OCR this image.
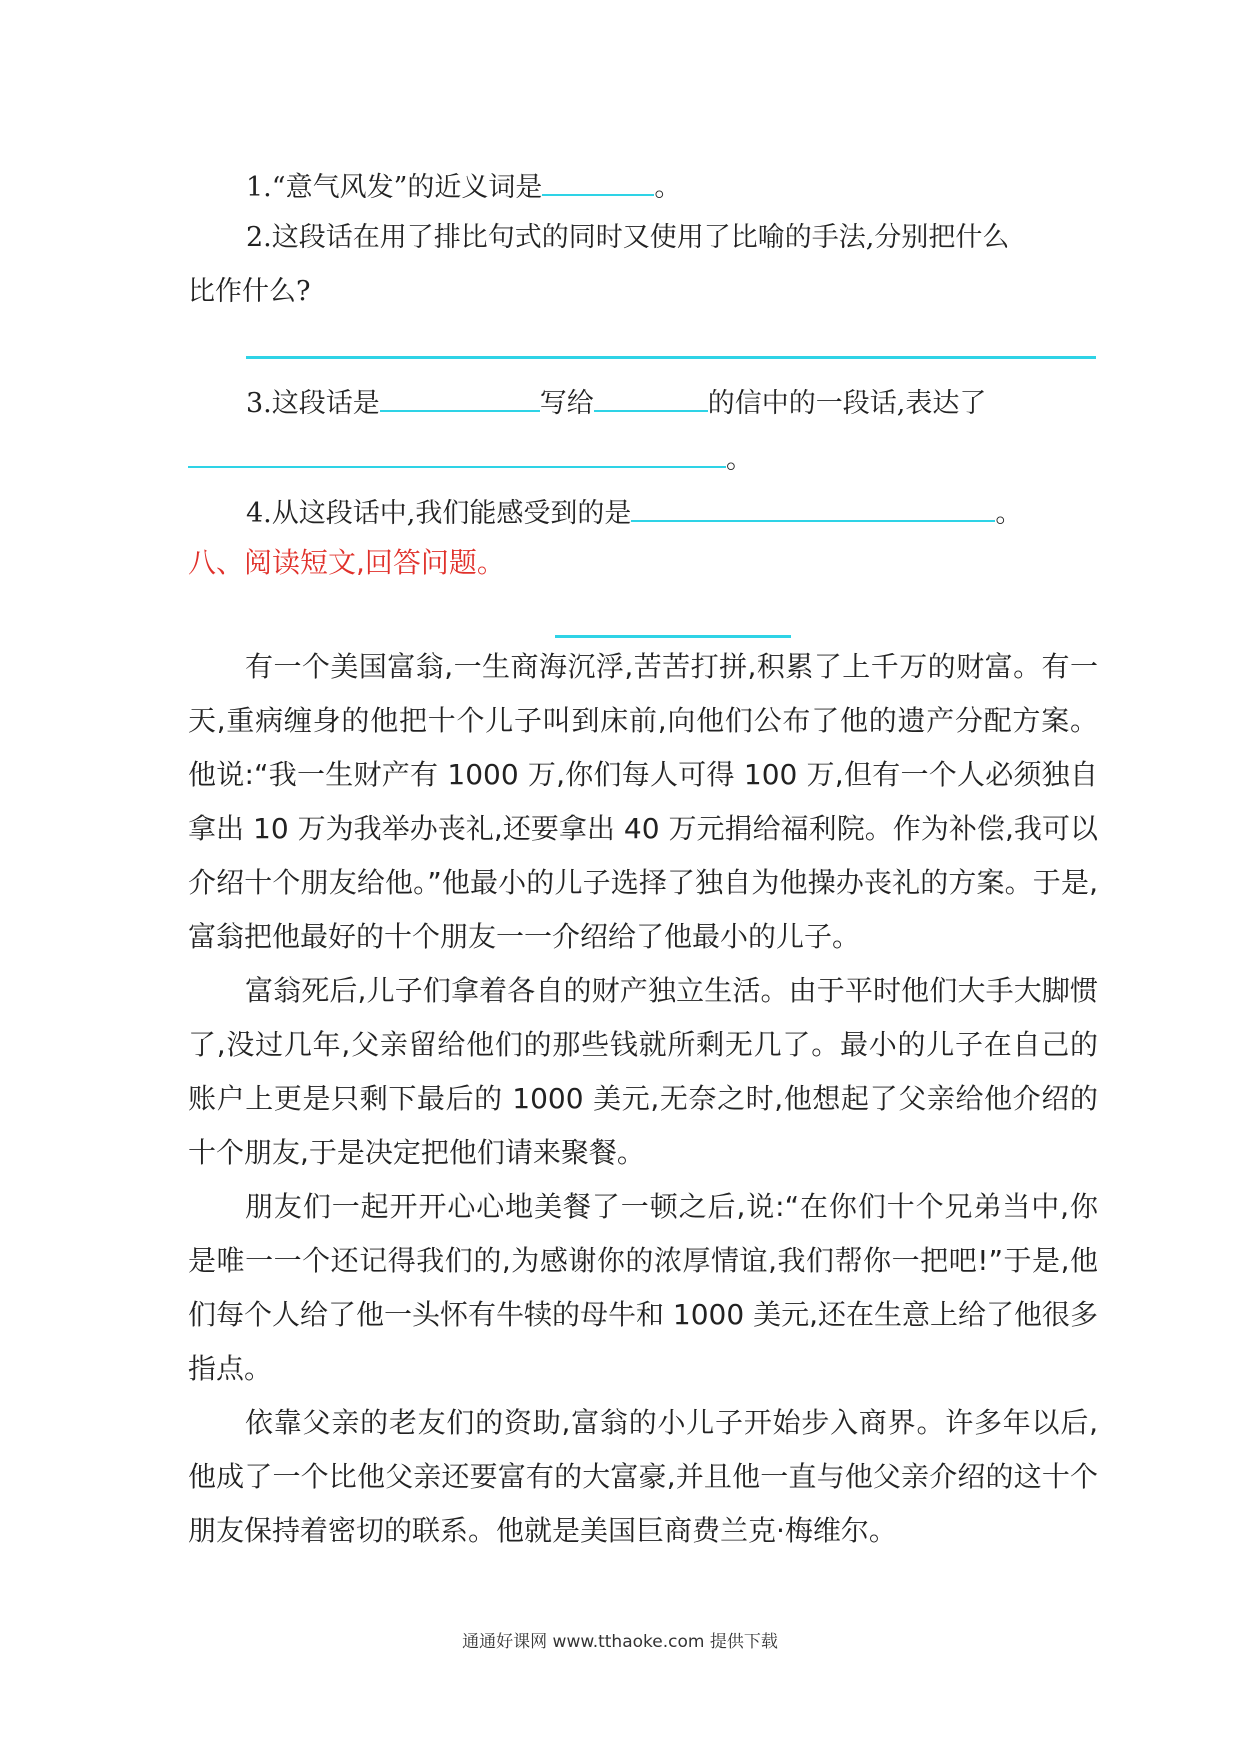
1.“意气风发”的近义词是	。

2.这段话在用了排比句式的同时又使用了比喻的手法,分别把什么

比作什么?

3.这段话是	写给	的信中的一段话,表达了

。

4.从这段话中,我们能感受到的是	。

八、阅读短文,回答问题。

有一个美国富翁,一生商海沉浮,苦苦打拼,积累了上千万的财富。有一天,重病缠身的他把十个儿子叫到床前,向他们公布了他的遗产分配方案。他说:“我一生财产有 1000 万,你们每人可得 100 万,但有一个人必须独自拿出 10 万为我举办丧礼,还要拿出 40 万元捐给福利院。作为补偿,我可以介绍十个朋友给他。”他最小的儿子选择了独自为他操办丧礼的方案。于是,富翁把他最好的十个朋友一一介绍给了他最小的儿子。

富翁死后,儿子们拿着各自的财产独立生活。由于平时他们大手大脚惯了,没过几年,父亲留给他们的那些钱就所剩无几了。最小的儿子在自己的账户上更是只剩下最后的 1000 美元,无奈之时,他想起了父亲给他介绍的十个朋友,于是决定把他们请来聚餐。

朋友们一起开开心心地美餐了一顿之后,说:“在你们十个兄弟当中,你是唯一一个还记得我们的,为感谢你的浓厚情谊,我们帮你一把吧!”于是,他们每个人给了他一头怀有牛犊的母牛和 1000 美元,还在生意上给了他很多指点。

依靠父亲的老友们的资助,富翁的小儿子开始步入商界。许多年以后,他成了一个比他父亲还要富有的大富豪,并且他一直与他父亲介绍的这十个朋友保持着密切的联系。他就是美国巨商费兰克·梅维尔。

通通好课网 www.tthaoke.com 提供下载
